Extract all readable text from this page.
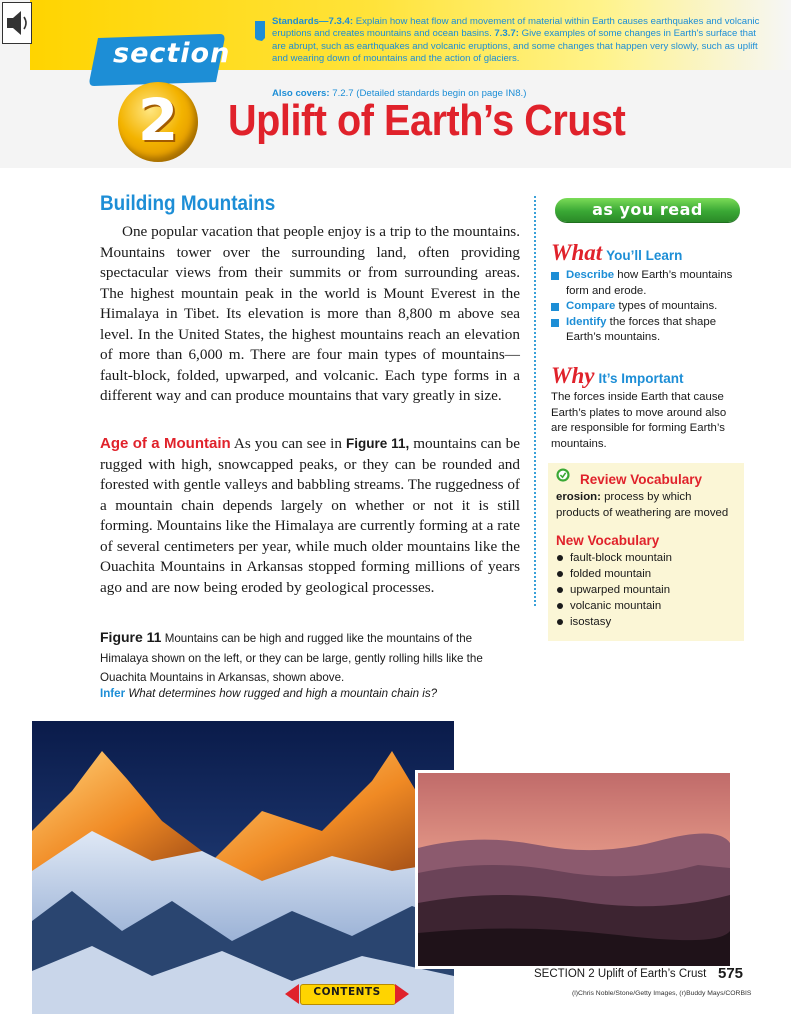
section
2
Standards—7.3.4: Explain how heat flow and movement of material within Earth causes earthquakes and volcanic eruptions and creates mountains and ocean basins. 7.3.7: Give examples of some changes in Earth's surface that are abrupt, such as earthquakes and volcanic eruptions, and some changes that happen very slowly, such as uplift and wearing down of mountains and the action of glaciers.
Also covers: 7.2.7 (Detailed standards begin on page IN8.)
Uplift of Earth’s Crust
Building Mountains
One popular vacation that people enjoy is a trip to the mountains. Mountains tower over the surrounding land, often providing spectacular views from their summits or from surrounding areas. The highest mountain peak in the world is Mount Everest in the Himalaya in Tibet. Its elevation is more than 8,800 m above sea level. In the United States, the highest mountains reach an elevation of more than 6,000 m. There are four main types of mountains—fault-block, folded, upwarped, and volcanic. Each type forms in a different way and can produce mountains that vary greatly in size.
Age of a Mountain As you can see in Figure 11, mountains can be rugged with high, snowcapped peaks, or they can be rounded and forested with gentle valleys and babbling streams. The ruggedness of a mountain chain depends largely on whether or not it is still forming. Mountains like the Himalaya are currently forming at a rate of several centimeters per year, while much older mountains like the Ouachita Mountains in Arkansas stopped forming millions of years ago and are now being eroded by geological processes.
Figure 11 Mountains can be high and rugged like the mountains of the Himalaya shown on the left, or they can be large, gently rolling hills like the Ouachita Mountains in Arkansas, shown above.
Infer What determines how rugged and high a mountain chain is?
as you read
What You’ll Learn
Describe how Earth’s mountains form and erode.
Compare types of mountains.
Identify the forces that shape Earth’s mountains.
Why It’s Important
The forces inside Earth that cause Earth’s plates to move around also are responsible for forming Earth’s mountains.
Review Vocabulary
erosion: process by which products of weathering are moved
New Vocabulary
fault-block mountain
folded mountain
upwarped mountain
volcanic mountain
isostasy
SECTION 2 Uplift of Earth’s Crust 575
(l)Chris Noble/Stone/Getty Images, (r)Buddy Mays/CORBIS
CONTENTS
